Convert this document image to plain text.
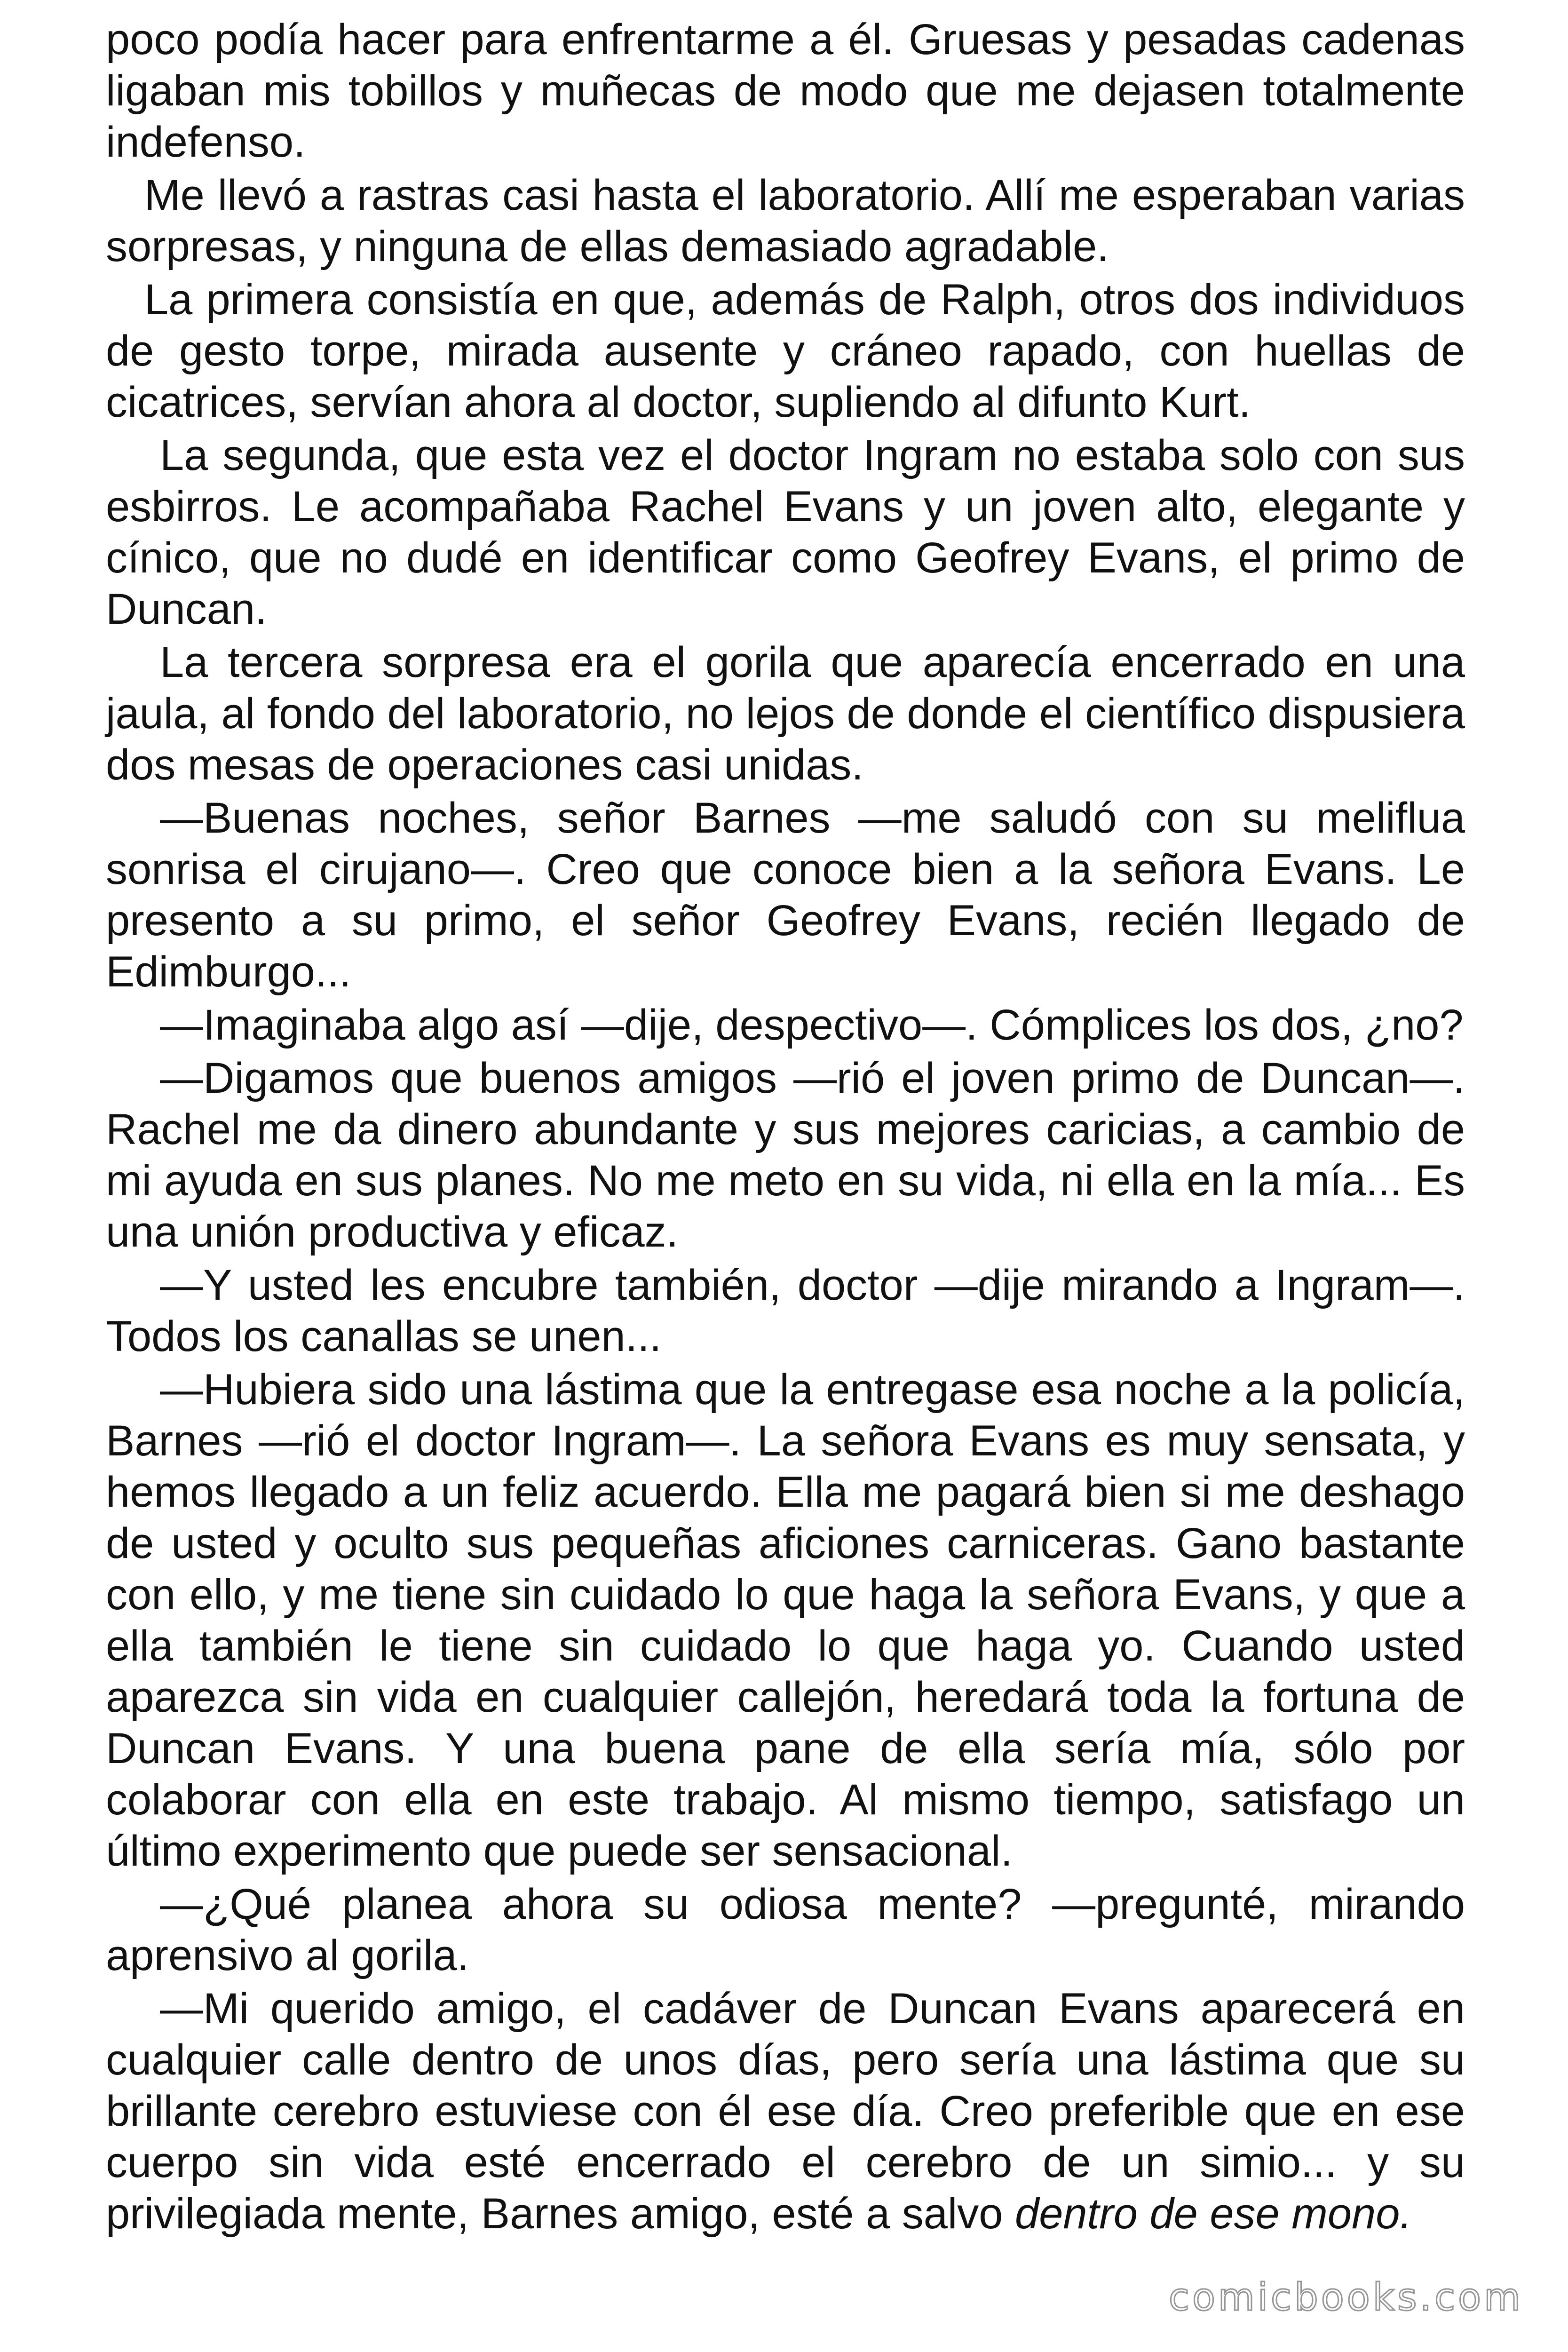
poco podía hacer para enfrentarme a él. Gruesas y pesadas cadenas ligaban mis tobillos y muñecas de modo que me dejasen totalmente indefenso.

Me llevó a rastras casi hasta el laboratorio. Allí me esperaban varias sorpresas, y ninguna de ellas demasiado agradable.

La primera consistía en que, además de Ralph, otros dos individuos de gesto torpe, mirada ausente y cráneo rapado, con huellas de cicatrices, servían ahora al doctor, supliendo al difunto Kurt.

La segunda, que esta vez el doctor Ingram no estaba solo con sus esbirros. Le acompañaba Rachel Evans y un joven alto, elegante y cínico, que no dudé en identificar como Geofrey Evans, el primo de Duncan.

La tercera sorpresa era el gorila que aparecía encerrado en una jaula, al fondo del laboratorio, no lejos de donde el científico dispusiera dos mesas de operaciones casi unidas.

—Buenas noches, señor Barnes —me saludó con su meliflua sonrisa el cirujano—. Creo que conoce bien a la señora Evans. Le presento a su primo, el señor Geofrey Evans, recién llegado de Edimburgo...

—Imaginaba algo así —dije, despectivo—. Cómplices los dos, ¿no?

—Digamos que buenos amigos —rió el joven primo de Duncan—. Rachel me da dinero abundante y sus mejores caricias, a cambio de mi ayuda en sus planes. No me meto en su vida, ni ella en la mía... Es una unión productiva y eficaz.

—Y usted les encubre también, doctor —dije mirando a Ingram—. Todos los canallas se unen...

—Hubiera sido una lástima que la entregase esa noche a la policía, Barnes —rió el doctor Ingram—. La señora Evans es muy sensata, y hemos llegado a un feliz acuerdo. Ella me pagará bien si me deshago de usted y oculto sus pequeñas aficiones carniceras. Gano bastante con ello, y me tiene sin cuidado lo que haga la señora Evans, y que a ella también le tiene sin cuidado lo que haga yo. Cuando usted aparezca sin vida en cualquier callejón, heredará toda la fortuna de Duncan Evans. Y una buena pane de ella sería mía, sólo por colaborar con ella en este trabajo. Al mismo tiempo, satisfago un último experimento que puede ser sensacional.

—¿Qué planea ahora su odiosa mente? —pregunté, mirando aprensivo al gorila.

—Mi querido amigo, el cadáver de Duncan Evans aparecerá en cualquier calle dentro de unos días, pero sería una lástima que su brillante cerebro estuviese con él ese día. Creo preferible que en ese cuerpo sin vida esté encerrado el cerebro de un simio... y su privilegiada mente, Barnes amigo, esté a salvo dentro de ese mono.

comicbooks.com
